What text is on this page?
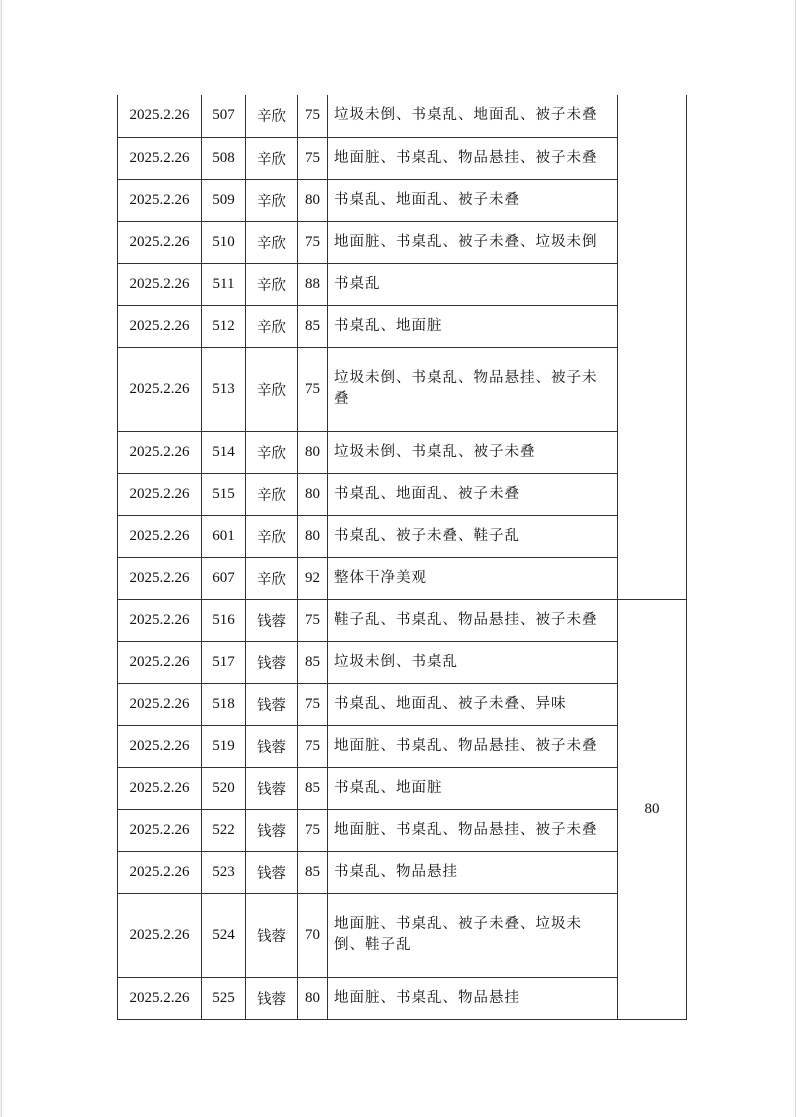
2025.2.26	507	辛欣	75	垃圾未倒、书桌乱、地面乱、被子未叠	
2025.2.26	508	辛欣	75	地面脏、书桌乱、物品悬挂、被子未叠	
2025.2.26	509	辛欣	80	书桌乱、地面乱、被子未叠	
2025.2.26	510	辛欣	75	地面脏、书桌乱、被子未叠、垃圾未倒	
2025.2.26	511	辛欣	88	书桌乱	
2025.2.26	512	辛欣	85	书桌乱、地面脏	
2025.2.26	513	辛欣	75	垃圾未倒、书桌乱、物品悬挂、被子未叠	
2025.2.26	514	辛欣	80	垃圾未倒、书桌乱、被子未叠	
2025.2.26	515	辛欣	80	书桌乱、地面乱、被子未叠	
2025.2.26	601	辛欣	80	书桌乱、被子未叠、鞋子乱	
2025.2.26	607	辛欣	92	整体干净美观	
2025.2.26	516	钱蓉	75	鞋子乱、书桌乱、物品悬挂、被子未叠	80
2025.2.26	517	钱蓉	85	垃圾未倒、书桌乱	
2025.2.26	518	钱蓉	75	书桌乱、地面乱、被子未叠、异味	
2025.2.26	519	钱蓉	75	地面脏、书桌乱、物品悬挂、被子未叠	
2025.2.26	520	钱蓉	85	书桌乱、地面脏	
2025.2.26	522	钱蓉	75	地面脏、书桌乱、物品悬挂、被子未叠	
2025.2.26	523	钱蓉	85	书桌乱、物品悬挂	
2025.2.26	524	钱蓉	70	地面脏、书桌乱、被子未叠、垃圾未倒、鞋子乱	
2025.2.26	525	钱蓉	80	地面脏、书桌乱、物品悬挂	
